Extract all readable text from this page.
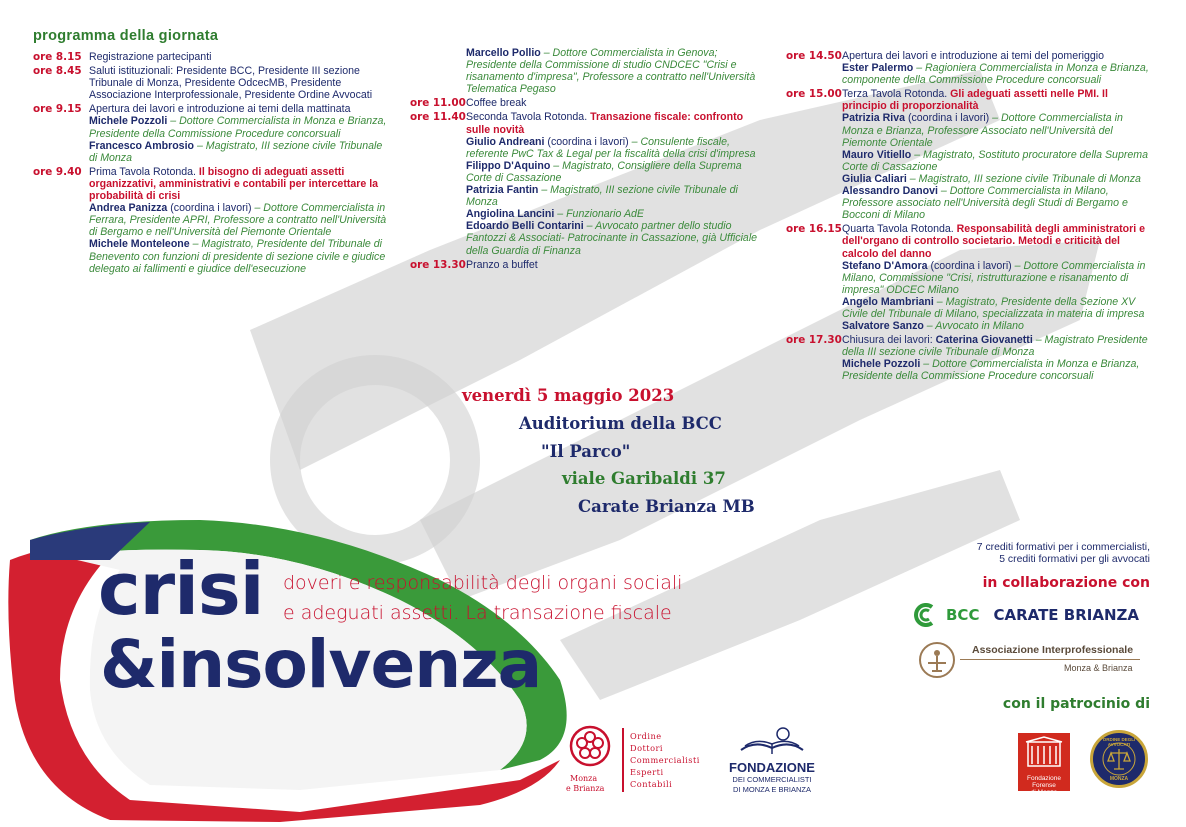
programma della giornata
ore 8.15 Registrazione partecipanti
ore 8.45 Saluti istituzionali: Presidente BCC, Presidente III sezione Tribunale di Monza, Presidente OdcecMB, Presidente Associazione Interprofessionale, Presidente Ordine Avvocati
ore 9.15 Apertura dei lavori e introduzione ai temi della mattinata
Michele Pozzoli – Dottore Commercialista in Monza e Brianza, Presidente della Commissione Procedure concorsuali
Francesco Ambrosio – Magistrato, III sezione civile Tribunale di Monza
ore 9.40 Prima Tavola Rotonda. Il bisogno di adeguati assetti organizzativi, amministrativi e contabili per intercettare la probabilità di crisi
Andrea Panizza (coordina i lavori) – Dottore Commercialista in Ferrara, Presidente APRI, Professore a contratto nell'Università di Bergamo e nell'Università del Piemonte Orientale
Michele Monteleone – Magistrato, Presidente del Tribunale di Benevento con funzioni di presidente di sezione civile e giudice delegato ai fallimenti e giudice dell'esecuzione
Marcello Pollio – Dottore Commercialista in Genova; Presidente della Commissione di studio CNDCEC "Crisi e risanamento d'impresa", Professore a contratto nell'Università Telematica Pegaso
ore 11.00 Coffee break
ore 11.40 Seconda Tavola Rotonda. Transazione fiscale: confronto sulle novità
Giulio Andreani (coordina i lavori) – Consulente fiscale, referente PwC Tax & Legal per la fiscalità della crisi d'impresa
Filippo D'Aquino – Magistrato, Consigliere della Suprema Corte di Cassazione
Patrizia Fantin – Magistrato, III sezione civile Tribunale di Monza
Angiolina Lancini – Funzionario AdE
Edoardo Belli Contarini – Avvocato partner dello studio Fantozzi & Associati- Patrocinante in Cassazione, già Ufficiale della Guardia di Finanza
ore 13.30 Pranzo a buffet
ore 14.50 Apertura dei lavori e introduzione ai temi del pomeriggio
Ester Palermo – Ragioniera Commercialista in Monza e Brianza, componente della Commissione Procedure concorsuali
ore 15.00 Terza Tavola Rotonda. Gli adeguati assetti nelle PMI. Il principio di proporzionalità
Patrizia Riva (coordina i lavori) – Dottore Commercialista in Monza e Brianza, Professore Associato nell'Università del Piemonte Orientale
Mauro Vitiello – Magistrato, Sostituto procuratore della Suprema Corte di Cassazione
Giulia Caliari – Magistrato, III sezione civile Tribunale di Monza
Alessandro Danovi – Dottore Commercialista in Milano, Professore associato nell'Università degli Studi di Bergamo e Bocconi di Milano
ore 16.15 Quarta Tavola Rotonda. Responsabilità degli amministratori e dell'organo di controllo societario. Metodi e criticità del calcolo del danno
Stefano D'Amora (coordina i lavori) – Dottore Commercialista in Milano, Commissione "Crisi, ristrutturazione e risanamento di impresa" ODCEC Milano
Angelo Mambriani – Magistrato, Presidente della Sezione XV Civile del Tribunale di Milano, specializzata in materia di impresa
Salvatore Sanzo – Avvocato in Milano
ore 17.30 Chiusura dei lavori: Caterina Giovanetti – Magistrato Presidente della III sezione civile Tribunale di Monza
Michele Pozzoli – Dottore Commercialista in Monza e Brianza, Presidente della Commissione Procedure concorsuali
venerdì 5 maggio 2023
Auditorium della BCC
"Il Parco"
viale Garibaldi 37
Carate Brianza MB
7 crediti formativi per i commercialisti,
5 crediti formativi per gli avvocati
in collaborazione con
BCC CARATE BRIANZA
Associazione Interprofessionale
Monza & Brianza
con il patrocinio di
Fondazione Forense
di Monza
ORDINE DEGLI AVVOCATI
MONZA
crisi doveri e responsabilità degli organi sociali
e adeguati assetti. La transazione fiscale
&insolvenza
Monza
e Brianza
Ordine
Dottori
Commercialisti
Esperti
Contabili
FONDAZIONE
DEI COMMERCIALISTI
DI MONZA E BRIANZA
